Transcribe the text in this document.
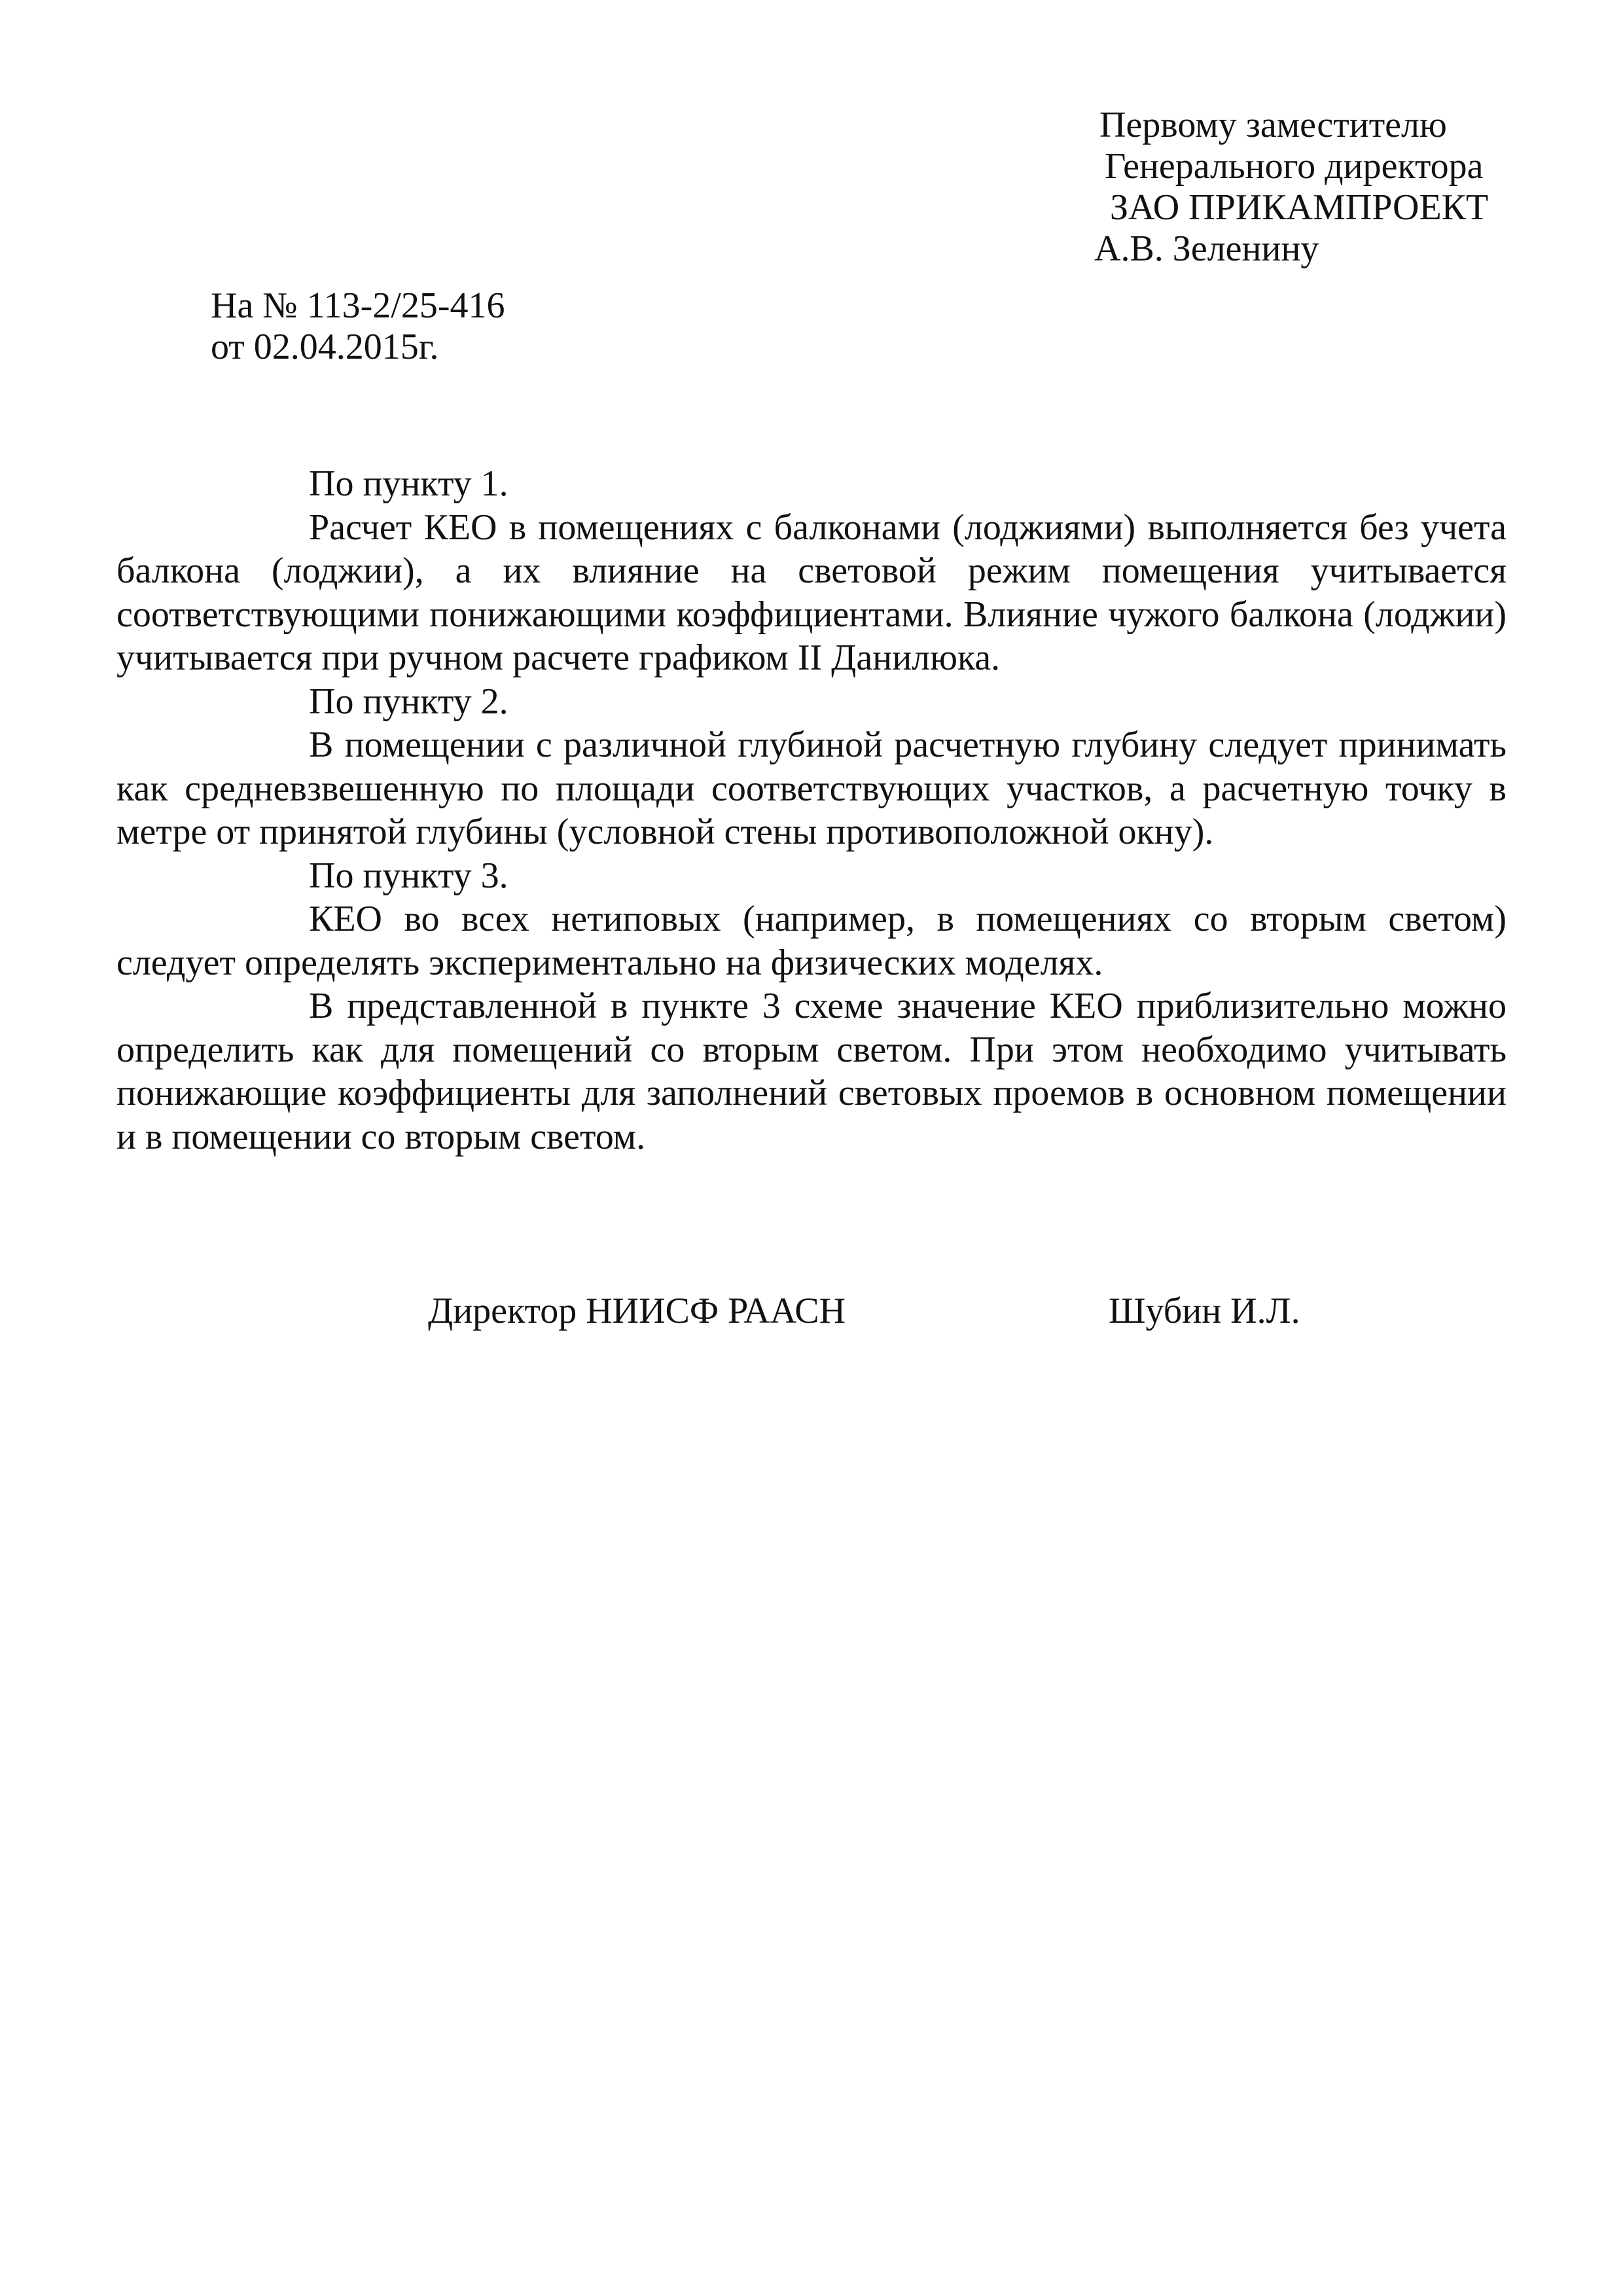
Первому заместителю
Генерального директора
ЗАО ПРИКАМПРОЕКТ
А.В. Зеленину
На № 113-2/25-416
от 02.04.2015г.

По пункту 1.

Расчет КЕО в помещениях с балконами (лоджиями) выполняется без учета балкона (лоджии), а их влияние на световой режим помещения учитывается соответствующими понижающими коэффициентами. Влияние чужого балкона (лоджии) учитывается при ручном расчете графиком II Данилюка.

По пункту 2.

В помещении с различной глубиной расчетную глубину следует принимать как средневзвешенную по площади соответствующих участков, а расчетную точку в метре от принятой глубины (условной стены противоположной окну).

По пункту 3.

КЕО во всех нетиповых (например, в помещениях со вторым светом) следует определять экспериментально на физических моделях.

В представленной в пункте 3 схеме значение КЕО приблизительно можно определить как для помещений со вторым светом. При этом необходимо учитывать понижающие коэффициенты для заполнений световых проемов в основном помещении и в помещении со вторым светом.

Директор НИИСФ РААСН	Шубин И.Л.
